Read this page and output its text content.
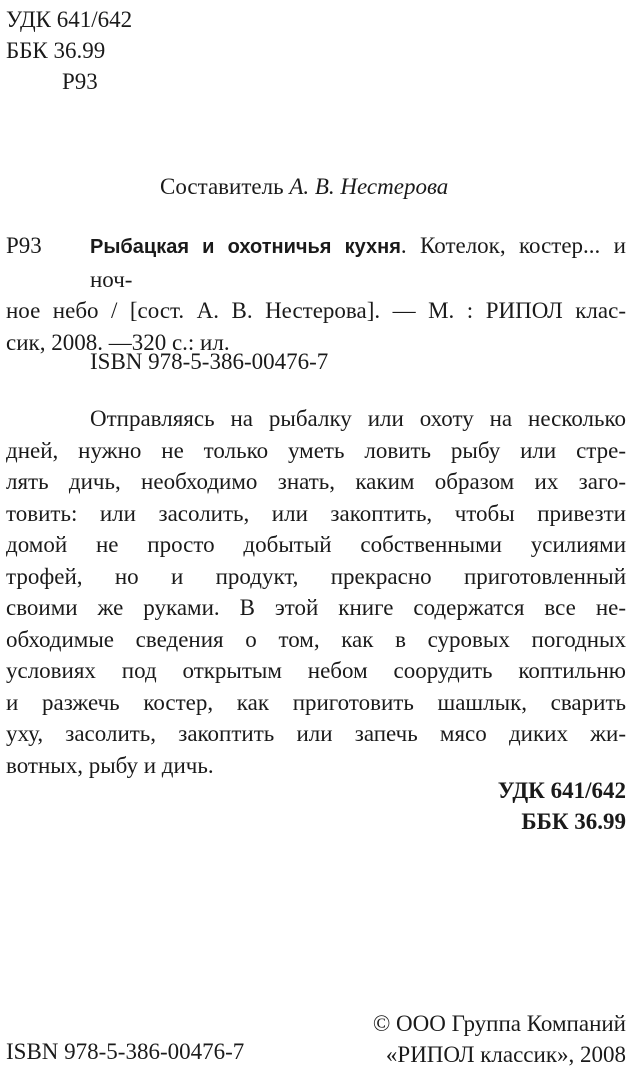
УДК 641/642
ББК 36.99
Р93
Составитель А. В. Нестерова
Р93 Рыбацкая и охотничья кухня. Котелок, костер... и ноч-
ное небо / [сост. А. В. Нестерова]. — М. : РИПОЛ клас-
сик, 2008. —320 с.: ил.
ISBN 978-5-386-00476-7
Отправляясь на рыбалку или охоту на несколько
дней, нужно не только уметь ловить рыбу или стре-
лять дичь, необходимо знать, каким образом их заго-
товить: или засолить, или закоптить, чтобы привезти
домой не просто добытый собственными усилиями
трофей, но и продукт, прекрасно приготовленный
своими же руками. В этой книге содержатся все не-
обходимые сведения о том, как в суровых погодных
условиях под открытым небом соорудить коптильню
и разжечь костер, как приготовить шашлык, сварить
уху, засолить, закоптить или запечь мясо диких жи-
вотных, рыбу и дичь.
УДК 641/642
ББК 36.99
© ООО Группа Компаний
«РИПОЛ классик», 2008
ISBN 978-5-386-00476-7
